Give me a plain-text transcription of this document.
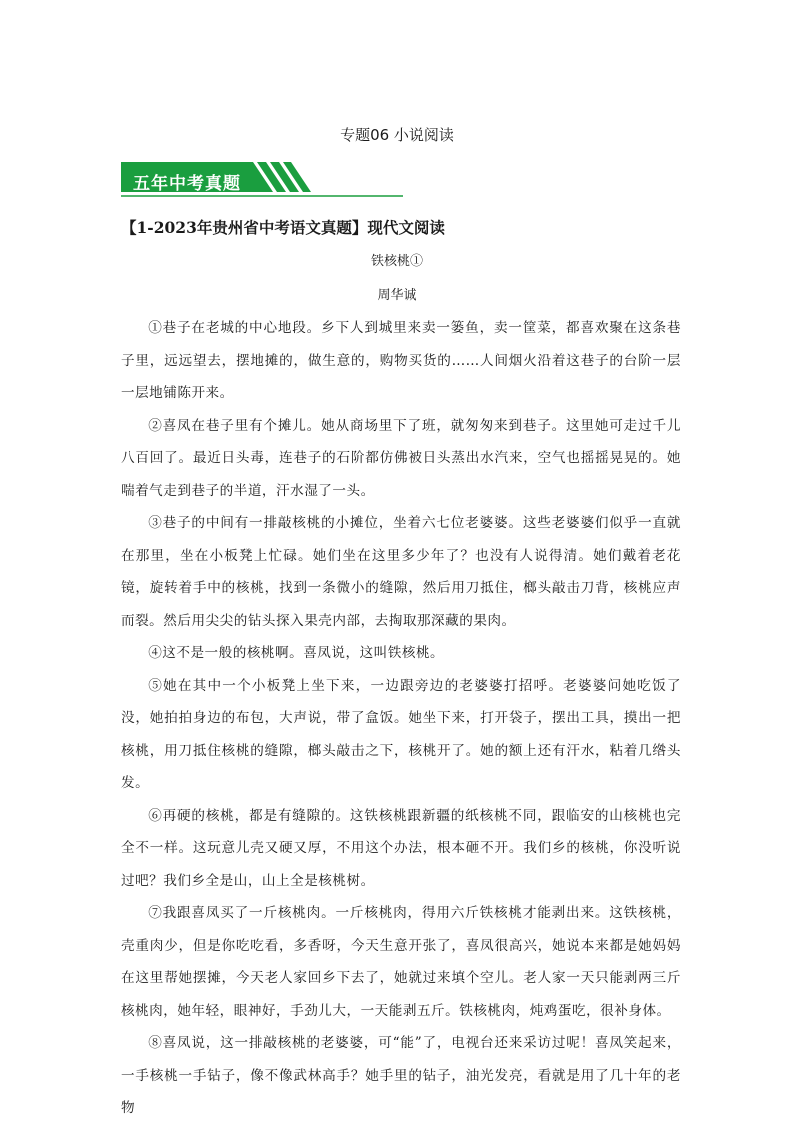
专题06 小说阅读
五年中考真题
【1-2023年贵州省中考语文真题】现代文阅读
铁核桃①
周华诚

①巷子在老城的中心地段。乡下人到城里来卖一篓鱼，卖一筐菜，都喜欢聚在这条巷子里，远远望去，摆地摊的，做生意的，购物买货的……人间烟火沿着这巷子的台阶一层一层地铺陈开来。

②喜凤在巷子里有个摊儿。她从商场里下了班，就匆匆来到巷子。这里她可走过千儿八百回了。最近日头毒，连巷子的石阶都仿佛被日头蒸出水汽来，空气也摇摇晃晃的。她喘着气走到巷子的半道，汗水湿了一头。

③巷子的中间有一排敲核桃的小摊位，坐着六七位老婆婆。这些老婆婆们似乎一直就在那里，坐在小板凳上忙碌。她们坐在这里多少年了？也没有人说得清。她们戴着老花镜，旋转着手中的核桃，找到一条微小的缝隙，然后用刀抵住，榔头敲击刀背，核桃应声而裂。然后用尖尖的钻头探入果壳内部，去掏取那深藏的果肉。

④这不是一般的核桃啊。喜凤说，这叫铁核桃。

⑤她在其中一个小板凳上坐下来，一边跟旁边的老婆婆打招呼。老婆婆问她吃饭了没，她拍拍身边的布包，大声说，带了盒饭。她坐下来，打开袋子，摆出工具，摸出一把核桃，用刀抵住核桃的缝隙，榔头敲击之下，核桃开了。她的额上还有汗水，粘着几绺头发。

⑥再硬的核桃，都是有缝隙的。这铁核桃跟新疆的纸核桃不同，跟临安的山核桃也完全不一样。这玩意儿壳又硬又厚，不用这个办法，根本砸不开。我们乡的核桃，你没听说过吧？我们乡全是山，山上全是核桃树。

⑦我跟喜凤买了一斤核桃肉。一斤核桃肉，得用六斤铁核桃才能剥出来。这铁核桃，壳重肉少，但是你吃吃看，多香呀，今天生意开张了，喜凤很高兴，她说本来都是她妈妈在这里帮她摆摊，今天老人家回乡下去了，她就过来填个空儿。老人家一天只能剥两三斤核桃肉，她年轻，眼神好，手劲儿大，一天能剥五斤。铁核桃肉，炖鸡蛋吃，很补身体。

⑧喜凤说，这一排敲核桃的老婆婆，可“能”了，电视台还来采访过呢！喜凤笑起来，一手核桃一手钻子，像不像武林高手？她手里的钻子，油光发亮，看就是用了几十年的老物
